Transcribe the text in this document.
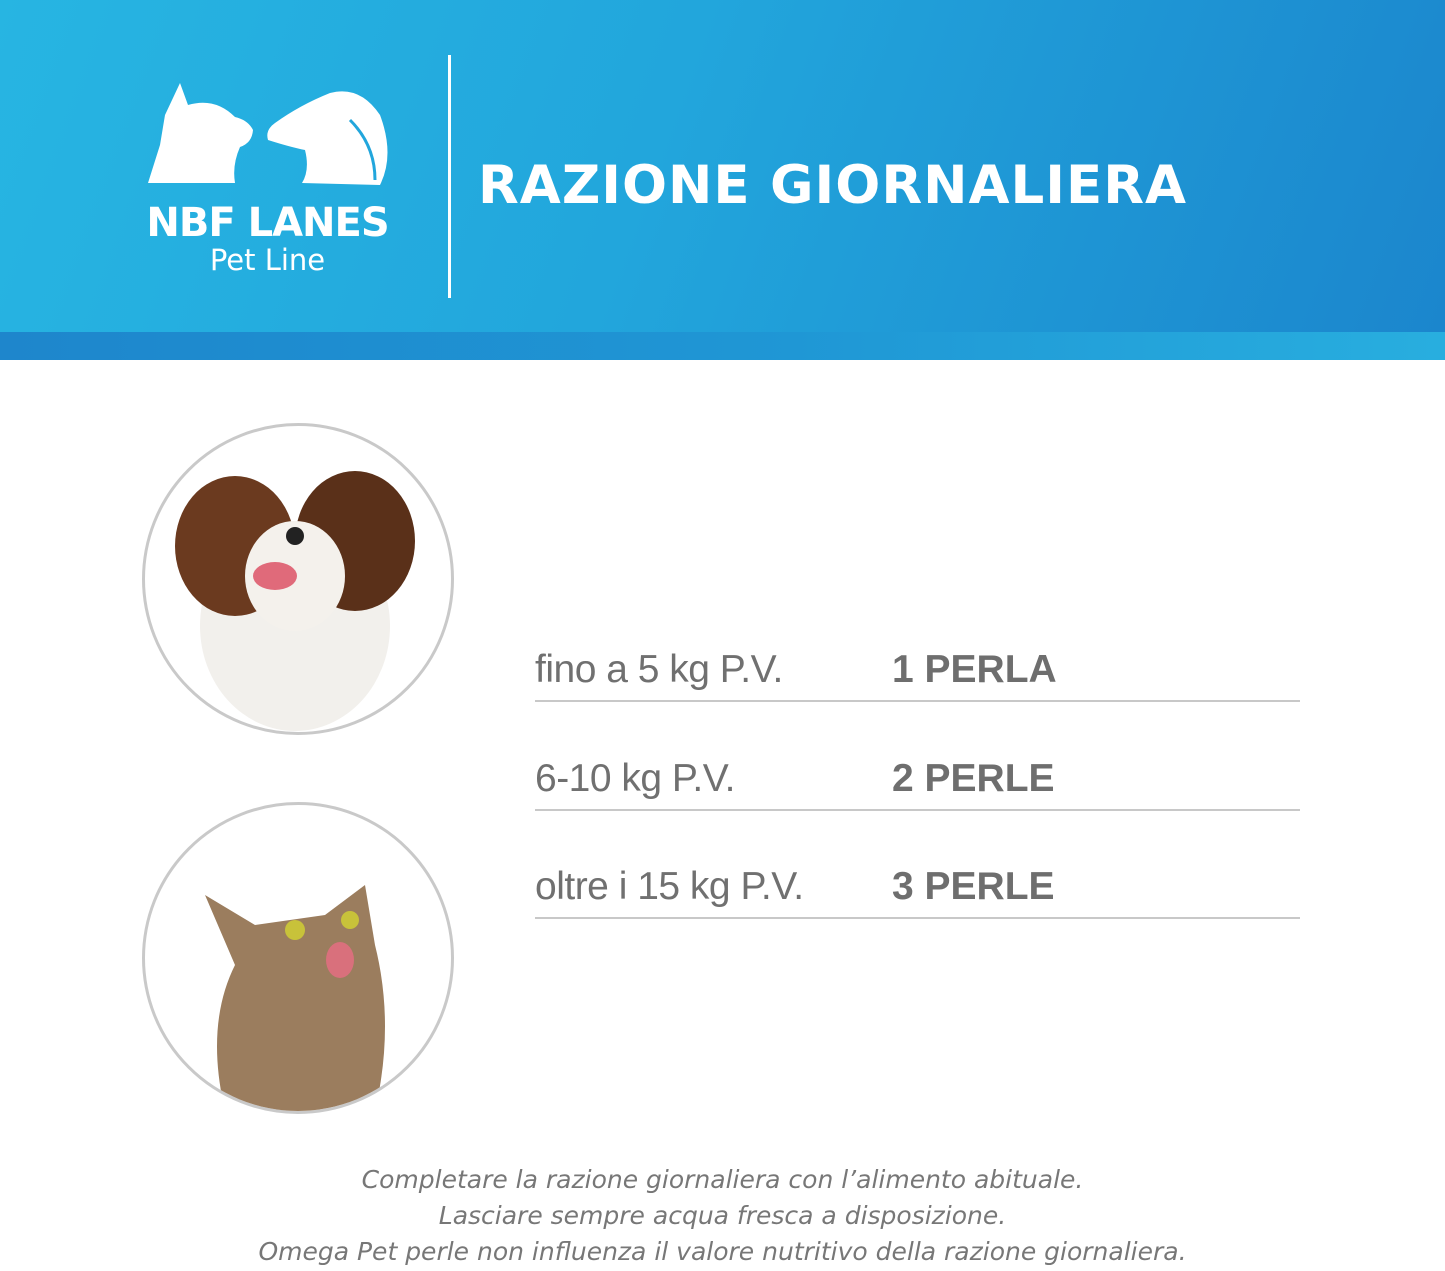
NBF LANES
Pet Line
RAZIONE GIORNALIERA
fino a 5 kg P.V.	1 PERLA
6-10 kg P.V.	2 PERLE
oltre i 15 kg P.V. 3 PERLE
Completare la razione giornaliera con l’alimento abituale.
Lasciare sempre acqua fresca a disposizione.
Omega Pet perle non influenza il valore nutritivo della razione giornaliera.
